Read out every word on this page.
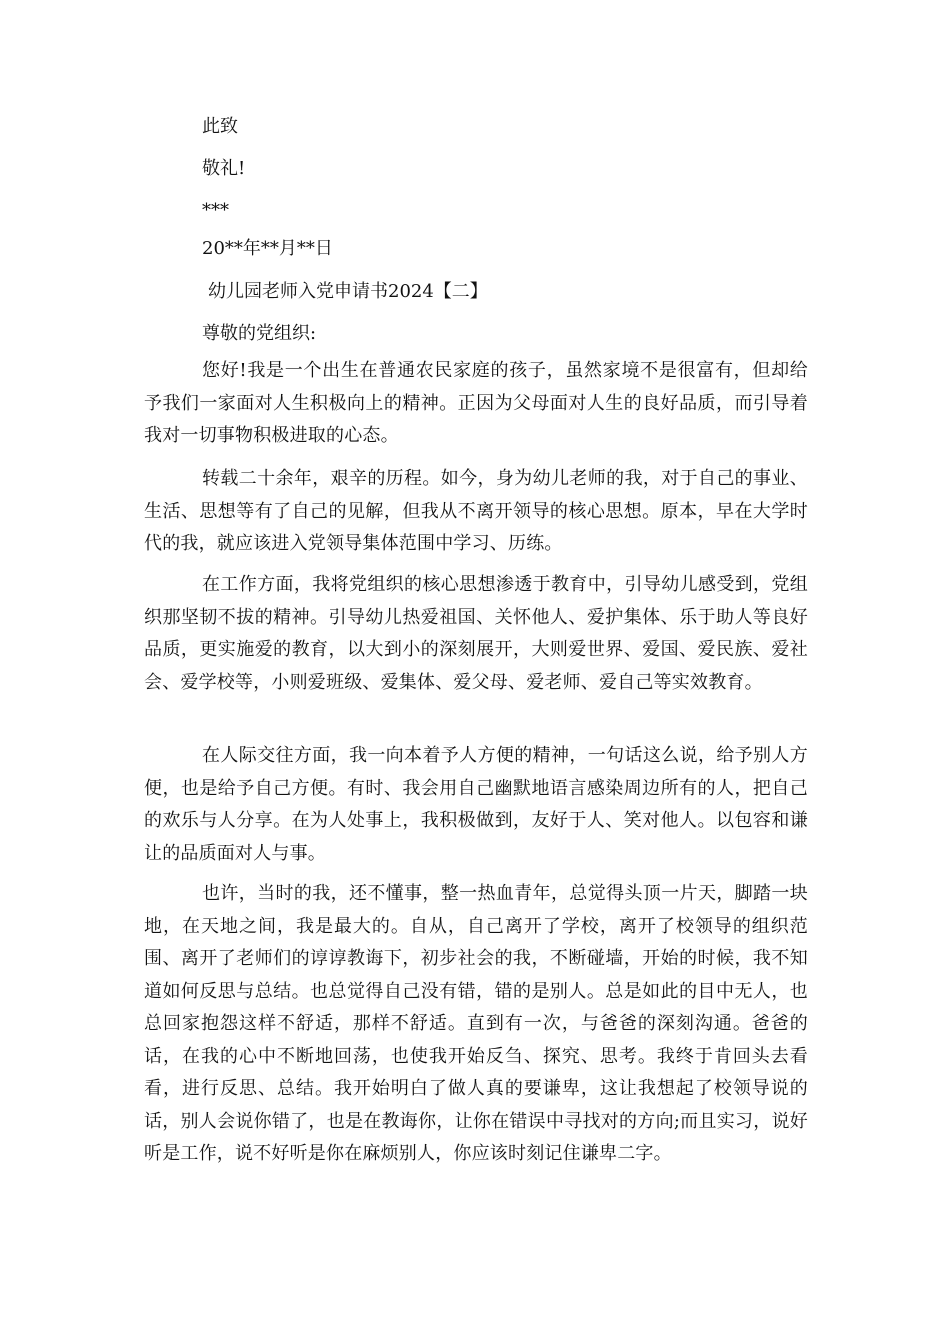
此致
敬礼!
***
20**年**月**日
幼儿园老师入党申请书2024【二】
尊敬的党组织:

您好!我是一个出生在普通农民家庭的孩子，虽然家境不是很富有，但却给予我们一家面对人生积极向上的精神。正因为父母面对人生的良好品质，而引导着我对一切事物积极进取的心态。

转载二十余年，艰辛的历程。如今，身为幼儿老师的我，对于自己的事业、生活、思想等有了自己的见解，但我从不离开领导的核心思想。原本，早在大学时代的我，就应该进入党领导集体范围中学习、历练。

在工作方面，我将党组织的核心思想渗透于教育中，引导幼儿感受到，党组织那坚韧不拔的精神。引导幼儿热爱祖国、关怀他人、爱护集体、乐于助人等良好品质，更实施爱的教育，以大到小的深刻展开，大则爱世界、爱国、爱民族、爱社会、爱学校等，小则爱班级、爱集体、爱父母、爱老师、爱自己等实效教育。

在人际交往方面，我一向本着予人方便的精神，一句话这么说，给予别人方便，也是给予自己方便。有时、我会用自己幽默地语言感染周边所有的人，把自己的欢乐与人分享。在为人处事上，我积极做到，友好于人、笑对他人。以包容和谦让的品质面对人与事。

也许，当时的我，还不懂事，整一热血青年，总觉得头顶一片天，脚踏一块地，在天地之间，我是最大的。自从，自己离开了学校，离开了校领导的组织范围、离开了老师们的谆谆教诲下，初步社会的我，不断碰墙，开始的时候，我不知道如何反思与总结。也总觉得自己没有错，错的是别人。总是如此的目中无人，也总回家抱怨这样不舒适，那样不舒适。直到有一次，与爸爸的深刻沟通。爸爸的话，在我的心中不断地回荡，也使我开始反刍、探究、思考。我终于肯回头去看看，进行反思、总结。我开始明白了做人真的要谦卑，这让我想起了校领导说的话，别人会说你错了，也是在教诲你，让你在错误中寻找对的方向;而且实习，说好听是工作，说不好听是你在麻烦别人，你应该时刻记住谦卑二字。
